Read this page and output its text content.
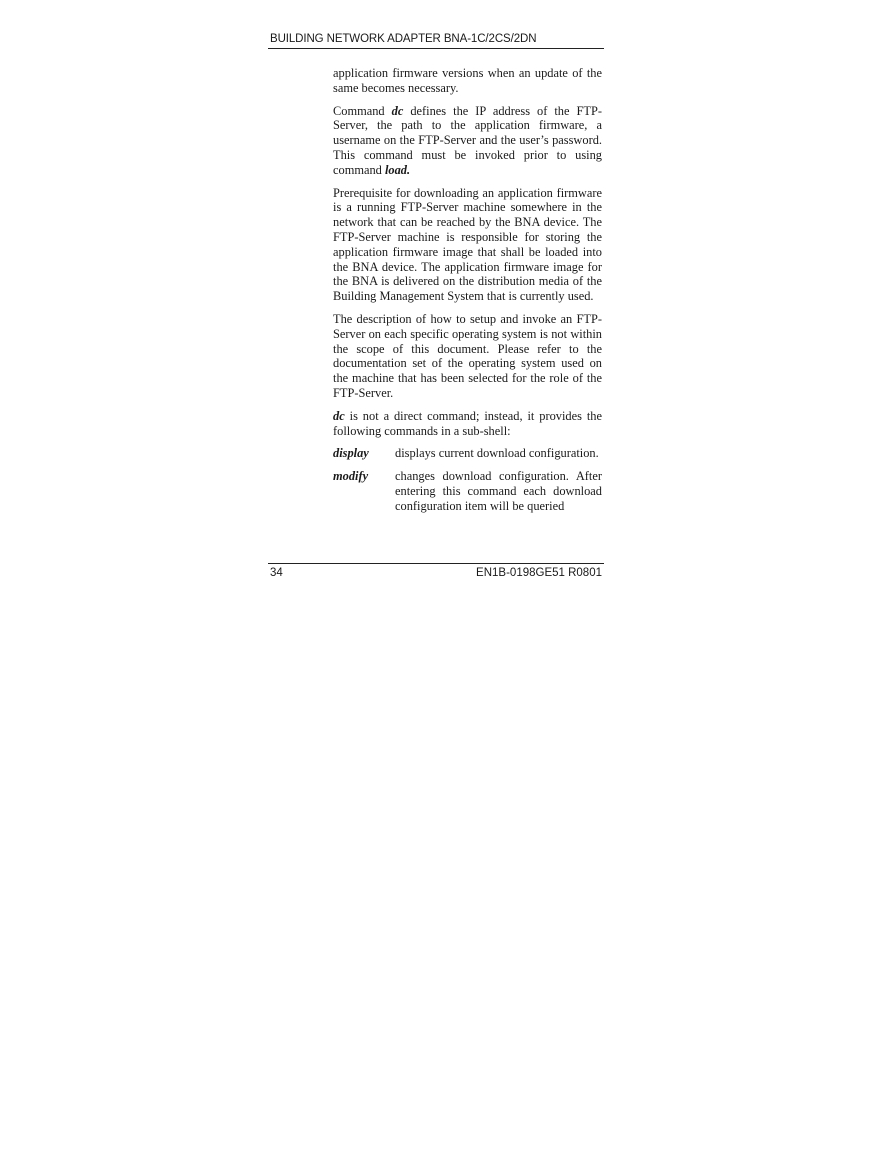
BUILDING NETWORK ADAPTER BNA-1C/2CS/2DN

application firmware versions when an update of the same becomes necessary.

Command dc defines the IP address of the FTP-Server, the path to the application firmware, a username on the FTP-Server and the user’s password. This command must be invoked prior to using command load.

Prerequisite for downloading an application firmware is a running FTP-Server machine somewhere in the network that can be reached by the BNA device. The FTP-Server machine is responsible for storing the application firmware image that shall be loaded into the BNA device. The application firmware image for the BNA is delivered on the distribution media of the Building Management System that is currently used.

The description of how to setup and invoke an FTP-Server on each specific operating system is not within the scope of this document. Please refer to the documentation set of the operating system used on the machine that has been selected for the role of the FTP-Server.

dc is not a direct command; instead, it provides the following commands in a sub-shell:

display	displays current download configuration.
modify	changes download configuration. After entering this command each download configuration item will be queried
34	EN1B-0198GE51 R0801
